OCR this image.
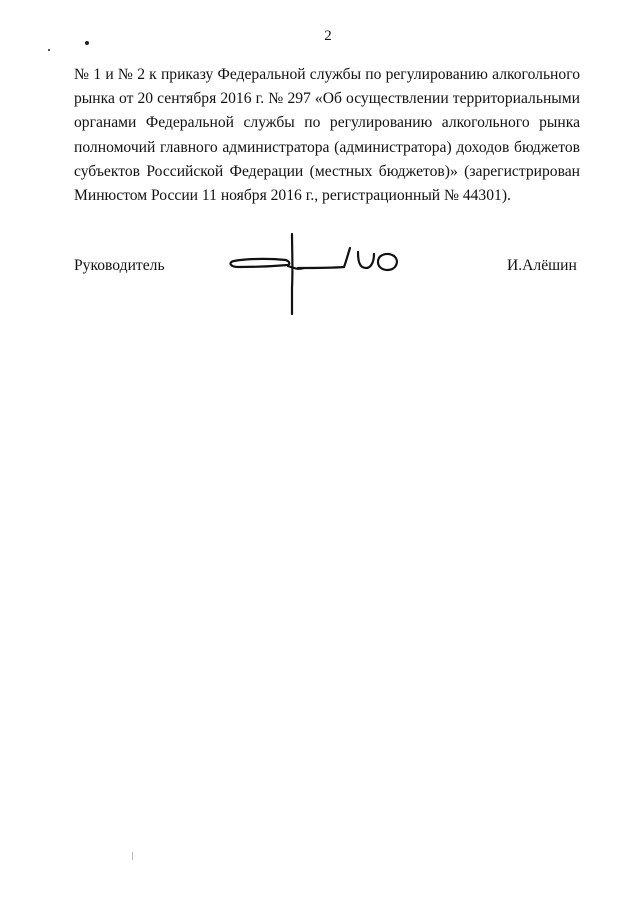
2
№ 1 и № 2 к приказу Федеральной службы по регулированию алкогольного
рынка от 20 сентября 2016 г. № 297 «Об осуществлении территориальными
органами Федеральной службы по регулированию алкогольного рынка
полномочий главного администратора (администратора) доходов бюджетов
субъектов Российской Федерации (местных бюджетов)» (зарегистрирован
Минюстом России 11 ноября 2016 г., регистрационный № 44301).
Руководитель	И.Алёшин
